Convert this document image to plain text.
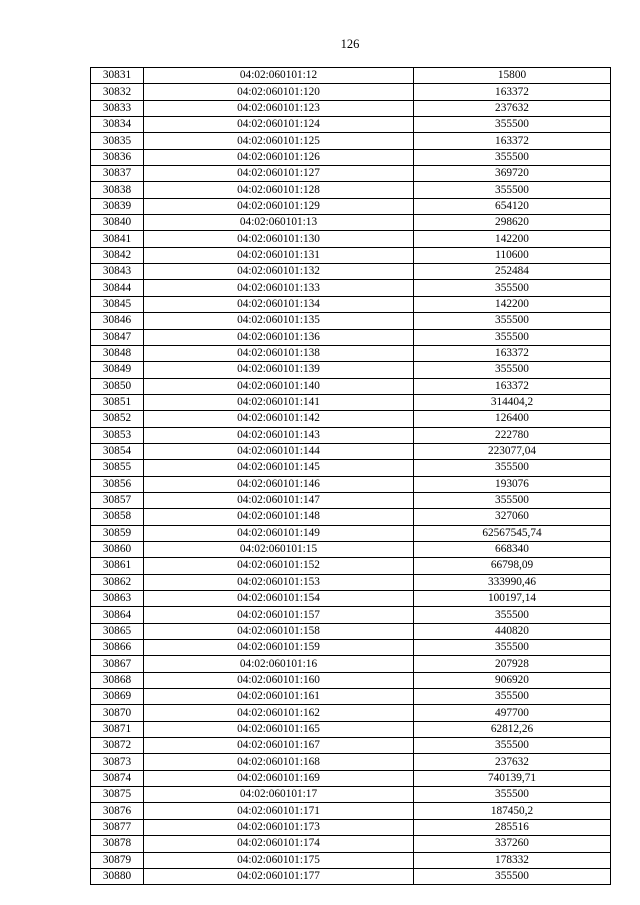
126
30831	04:02:060101:12	15800
30832	04:02:060101:120	163372
30833	04:02:060101:123	237632
30834	04:02:060101:124	355500
30835	04:02:060101:125	163372
30836	04:02:060101:126	355500
30837	04:02:060101:127	369720
30838	04:02:060101:128	355500
30839	04:02:060101:129	654120
30840	04:02:060101:13	298620
30841	04:02:060101:130	142200
30842	04:02:060101:131	110600
30843	04:02:060101:132	252484
30844	04:02:060101:133	355500
30845	04:02:060101:134	142200
30846	04:02:060101:135	355500
30847	04:02:060101:136	355500
30848	04:02:060101:138	163372
30849	04:02:060101:139	355500
30850	04:02:060101:140	163372
30851	04:02:060101:141	314404,2
30852	04:02:060101:142	126400
30853	04:02:060101:143	222780
30854	04:02:060101:144	223077,04
30855	04:02:060101:145	355500
30856	04:02:060101:146	193076
30857	04:02:060101:147	355500
30858	04:02:060101:148	327060
30859	04:02:060101:149	62567545,74
30860	04:02:060101:15	668340
30861	04:02:060101:152	66798,09
30862	04:02:060101:153	333990,46
30863	04:02:060101:154	100197,14
30864	04:02:060101:157	355500
30865	04:02:060101:158	440820
30866	04:02:060101:159	355500
30867	04:02:060101:16	207928
30868	04:02:060101:160	906920
30869	04:02:060101:161	355500
30870	04:02:060101:162	497700
30871	04:02:060101:165	62812,26
30872	04:02:060101:167	355500
30873	04:02:060101:168	237632
30874	04:02:060101:169	740139,71
30875	04:02:060101:17	355500
30876	04:02:060101:171	187450,2
30877	04:02:060101:173	285516
30878	04:02:060101:174	337260
30879	04:02:060101:175	178332
30880	04:02:060101:177	355500
